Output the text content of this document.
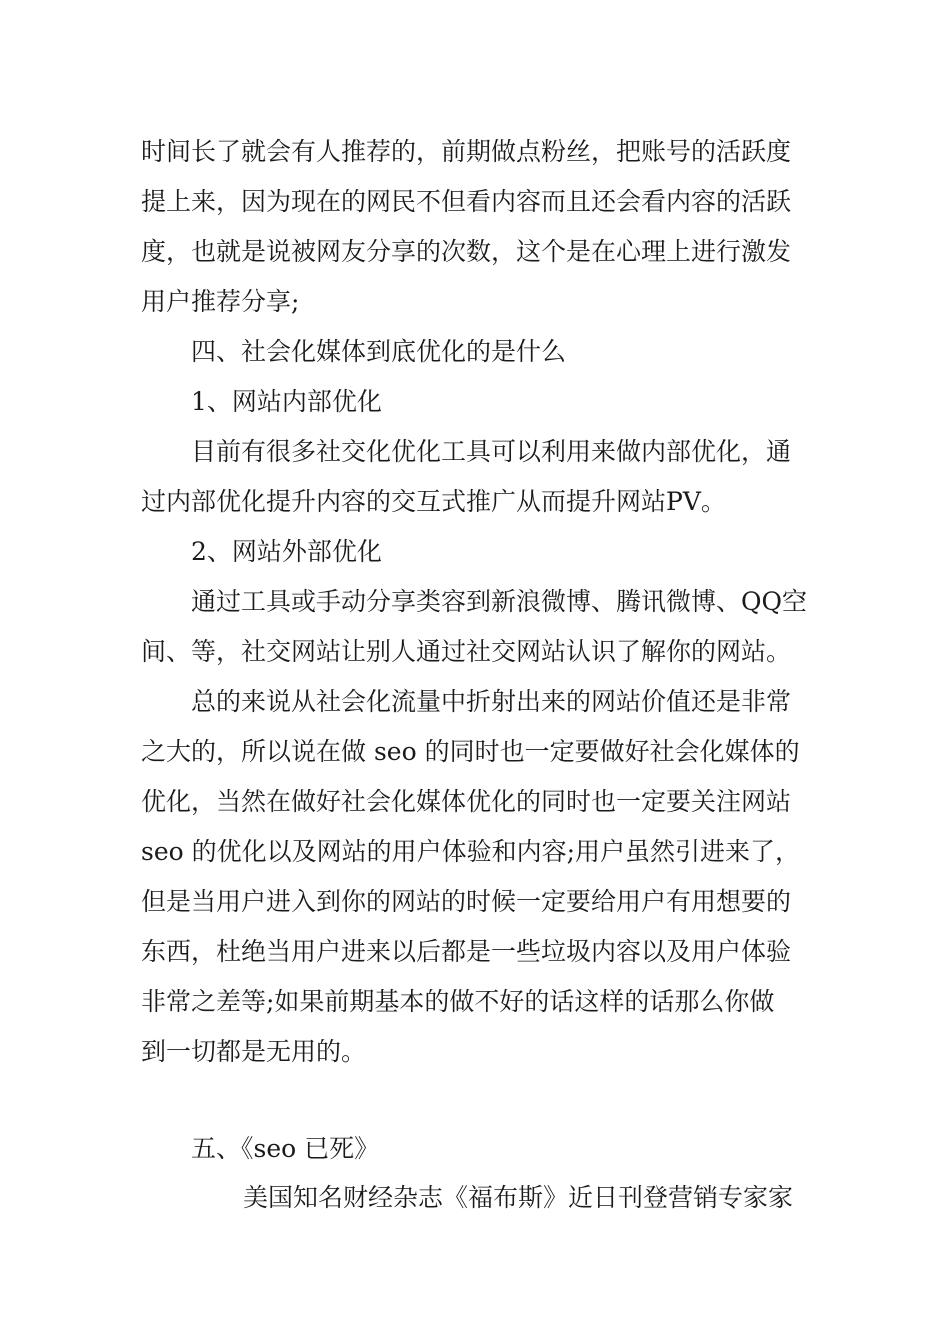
时间长了就会有人推荐的，前期做点粉丝，把账号的活跃度
提上来，因为现在的网民不但看内容而且还会看内容的活跃
度，也就是说被网友分享的次数，这个是在心理上进行激发
用户推荐分享;
四、社会化媒体到底优化的是什么
1、网站内部优化
目前有很多社交化优化工具可以利用来做内部优化，通
过内部优化提升内容的交互式推广从而提升网站PV。
2、网站外部优化
通过工具或手动分享类容到新浪微博、腾讯微博、QQ空
间、等，社交网站让别人通过社交网站认识了解你的网站。
总的来说从社会化流量中折射出来的网站价值还是非常
之大的，所以说在做 seo 的同时也一定要做好社会化媒体的
优化，当然在做好社会化媒体优化的同时也一定要关注网站
seo 的优化以及网站的用户体验和内容;用户虽然引进来了，
但是当用户进入到你的网站的时候一定要给用户有用想要的
东西，杜绝当用户进来以后都是一些垃圾内容以及用户体验
非常之差等;如果前期基本的做不好的话这样的话那么你做
到一切都是无用的。
五、《seo 已死》
美国知名财经杂志《福布斯》近日刊登营销专家家
